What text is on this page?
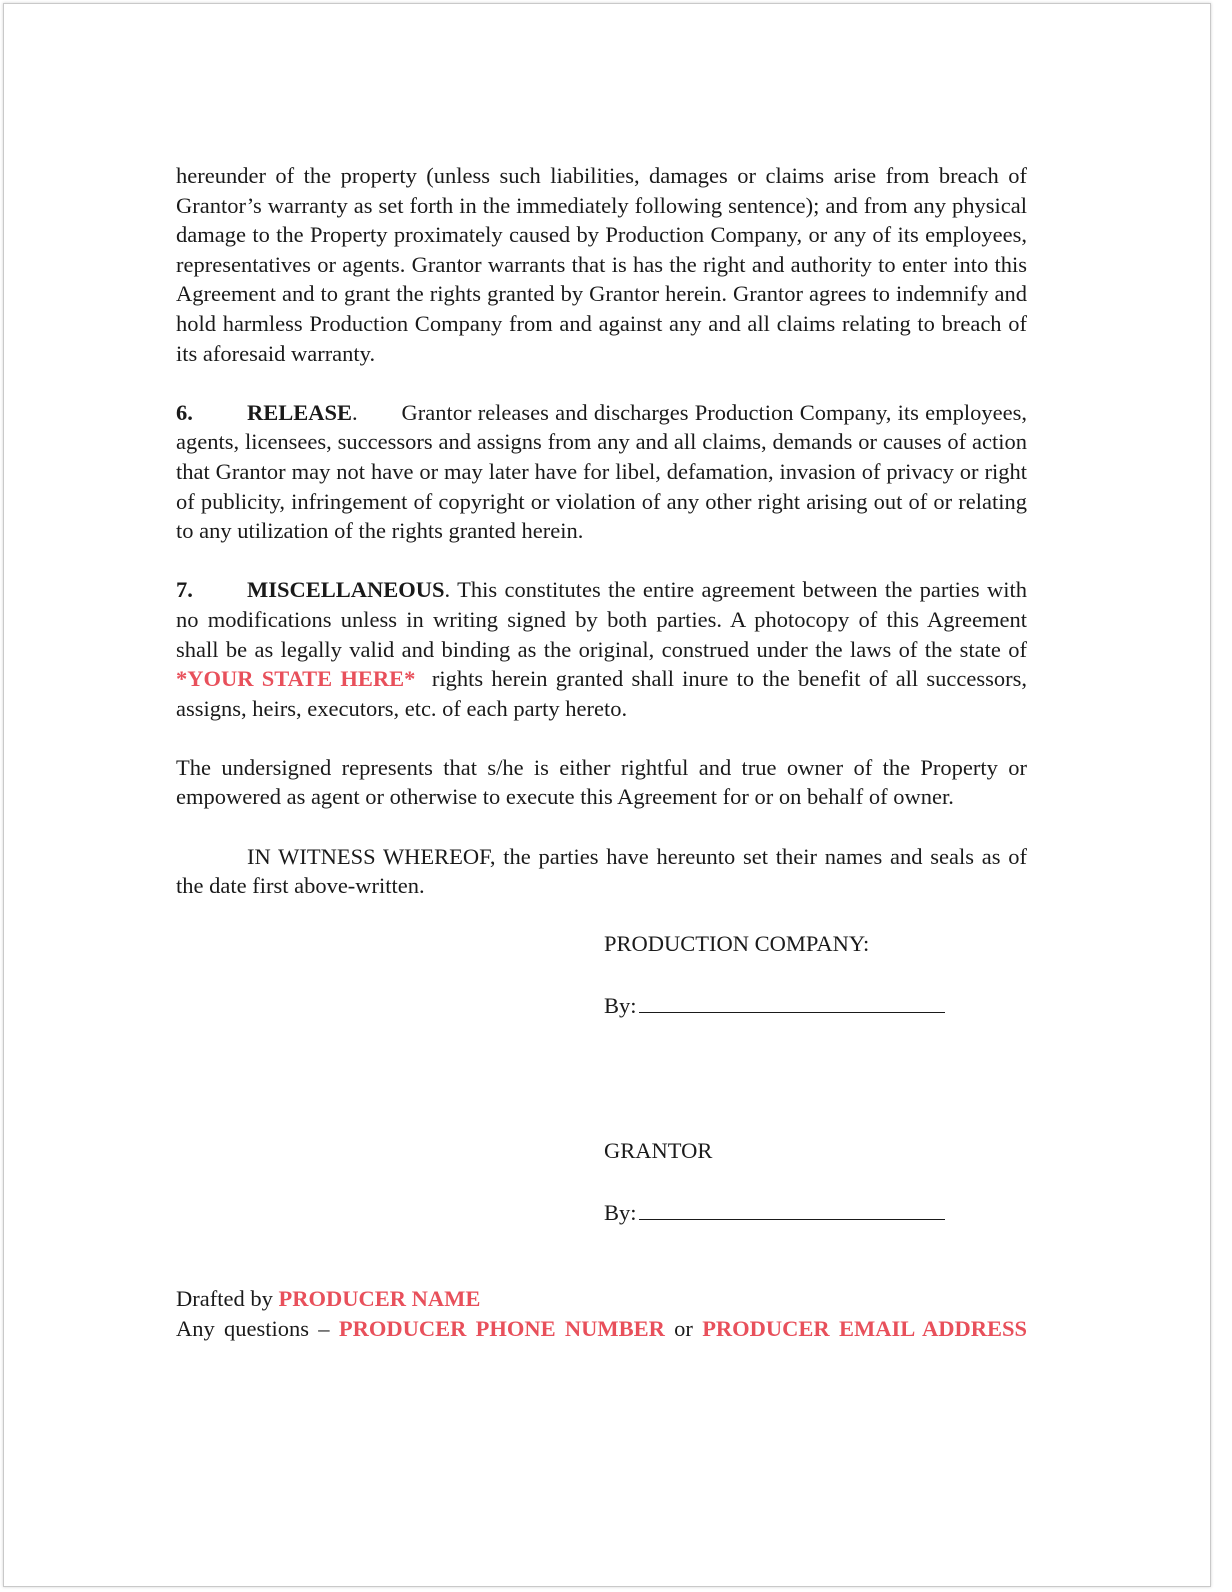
hereunder of the property (unless such liabilities, damages or claims arise from breach of Grantor’s warranty as set forth in the immediately following sentence); and from any physical damage to the Property proximately caused by Production Company, or any of its employees, representatives or agents. Grantor warrants that is has the right and authority to enter into this Agreement and to grant the rights granted by Grantor herein. Grantor agrees to indemnify and hold harmless Production Company from and against any and all claims relating to breach of its aforesaid warranty.

6. RELEASE. Grantor releases and discharges Production Company, its employees, agents, licensees, successors and assigns from any and all claims, demands or causes of action that Grantor may not have or may later have for libel, defamation, invasion of privacy or right of publicity, infringement of copyright or violation of any other right arising out of or relating to any utilization of the rights granted herein.

7. MISCELLANEOUS. This constitutes the entire agreement between the parties with no modifications unless in writing signed by both parties. A photocopy of this Agreement shall be as legally valid and binding as the original, construed under the laws of the state of *YOUR STATE HERE* rights herein granted shall inure to the benefit of all successors, assigns, heirs, executors, etc. of each party hereto.

The undersigned represents that s/he is either rightful and true owner of the Property or empowered as agent or otherwise to execute this Agreement for or on behalf of owner.

IN WITNESS WHEREOF, the parties have hereunto set their names and seals as of the date first above-written.

PRODUCTION COMPANY:
By:
GRANTOR
By:
Drafted by PRODUCER NAME
Any questions – PRODUCER PHONE NUMBER or PRODUCER EMAIL ADDRESS
